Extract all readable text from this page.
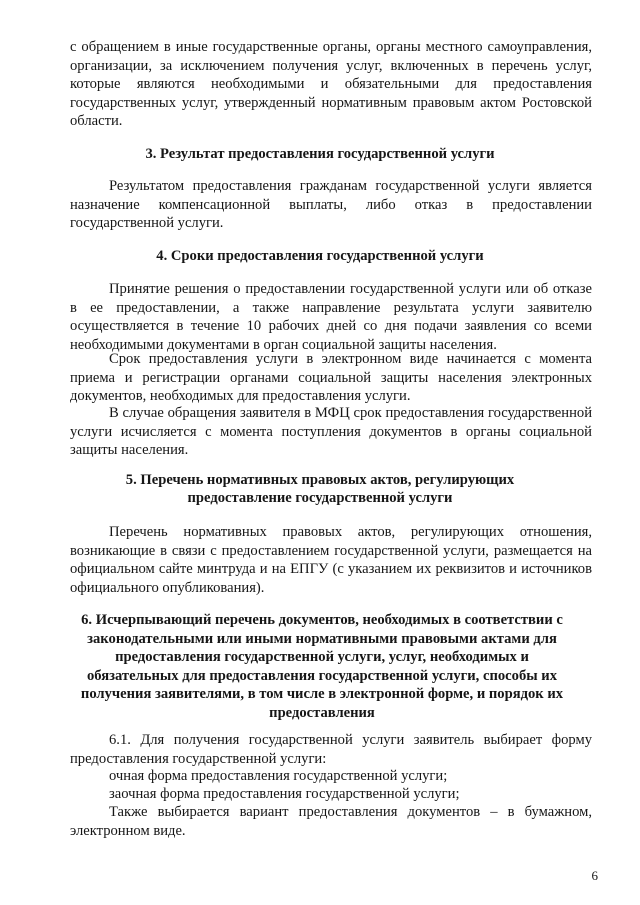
с обращением в иные государственные органы, органы местного самоуправления, организации, за исключением получения услуг, включенных в перечень услуг, которые являются необходимыми и обязательными для предоставления государственных услуг, утвержденный нормативным правовым актом Ростовской области.

3. Результат предоставления государственной услуги

Результатом предоставления гражданам государственной услуги является назначение компенсационной выплаты, либо отказ в предоставлении государственной услуги.

4. Сроки предоставления государственной услуги

Принятие решения о предоставлении государственной услуги или об отказе в ее предоставлении, а также направление результата услуги заявителю осуществляется в течение 10 рабочих дней со дня подачи заявления со всеми необходимыми документами в орган социальной защиты населения.

Срок предоставления услуги в электронном виде начинается с момента приема и регистрации органами социальной защиты населения электронных документов, необходимых для предоставления услуги.

В случае обращения заявителя в МФЦ срок предоставления государственной услуги исчисляется с момента поступления документов в органы социальной защиты населения.

5. Перечень нормативных правовых актов, регулирующих

предоставление государственной услуги

Перечень нормативных правовых актов, регулирующих отношения, возникающие в связи с предоставлением государственной услуги, размещается на официальном сайте минтруда и на ЕПГУ (с указанием их реквизитов и источников официального опубликования).

6. Исчерпывающий перечень документов, необходимых в соответствии с законодательными или иными нормативными правовыми актами для предоставления государственной услуги, услуг, необходимых и обязательных для предоставления государственной услуги, способы их получения заявителями, в том числе в электронной форме, и порядок их предоставления

6.1. Для получения государственной услуги заявитель выбирает форму предоставления государственной услуги:

очная форма предоставления государственной услуги;

заочная форма предоставления государственной услуги;

Также выбирается вариант предоставления документов – в бумажном, электронном виде.

6
